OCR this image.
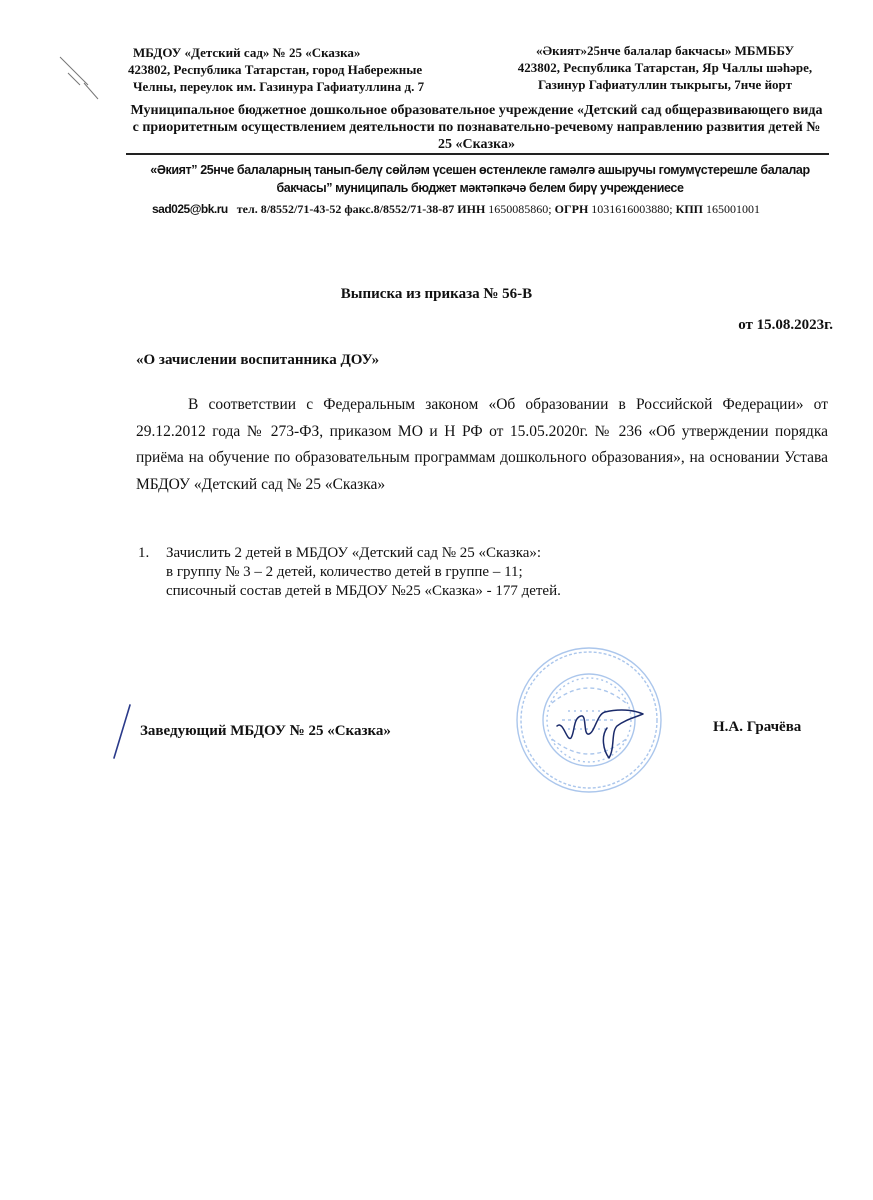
МБДОУ «Детский сад» № 25 «Сказка»
423802, Республика Татарстан, город Набережные
Челны, переулок им. Газинура Гафиатуллина д. 7
«Әкият»25нче балалар бакчасы» МБМББУ
423802, Республика Татарстан, Яр Чаллы шәһәре,
Газинур Гафиатуллин тыкрыгы, 7нче йорт
Муниципальное бюджетное дошкольное образовательное учреждение «Детский сад общеразвивающего вида с приоритетным осуществлением деятельности по познавательно-речевому направлению развития детей № 25 «Сказка»
«Әкият” 25нче балаларның танып-белү сөйләм үсешен өстенлекле гамәлгә ашыручы гомумүстерешле балалар
бакчасы” муниципаль бюджет мәктәпкәчә белем бирү учреждениесе
sad025@bk.ru тел. 8/8552/71-43-52 факс.8/8552/71-38-87 ИНН 1650085860; ОГРН 1031616003880; КПП 165001001
Выписка из приказа № 56-В
от 15.08.2023г.
«О зачислении воспитанника ДОУ»
В соответствии с Федеральным законом «Об образовании в Российской Федерации» от 29.12.2012 года № 273-ФЗ, приказом МО и Н РФ от 15.05.2020г. № 236 «Об утверждении порядка приёма на обучение по образовательным программам дошкольного образования», на основании Устава МБДОУ «Детский сад № 25 «Сказка»
1. Зачислить 2 детей в МБДОУ «Детский сад № 25 «Сказка»:
в группу № 3 – 2 детей, количество детей в группе – 11;
списочный состав детей в МБДОУ №25 «Сказка» - 177 детей.
Заведующий МБДОУ № 25 «Сказка»	Н.А. Грачёва
